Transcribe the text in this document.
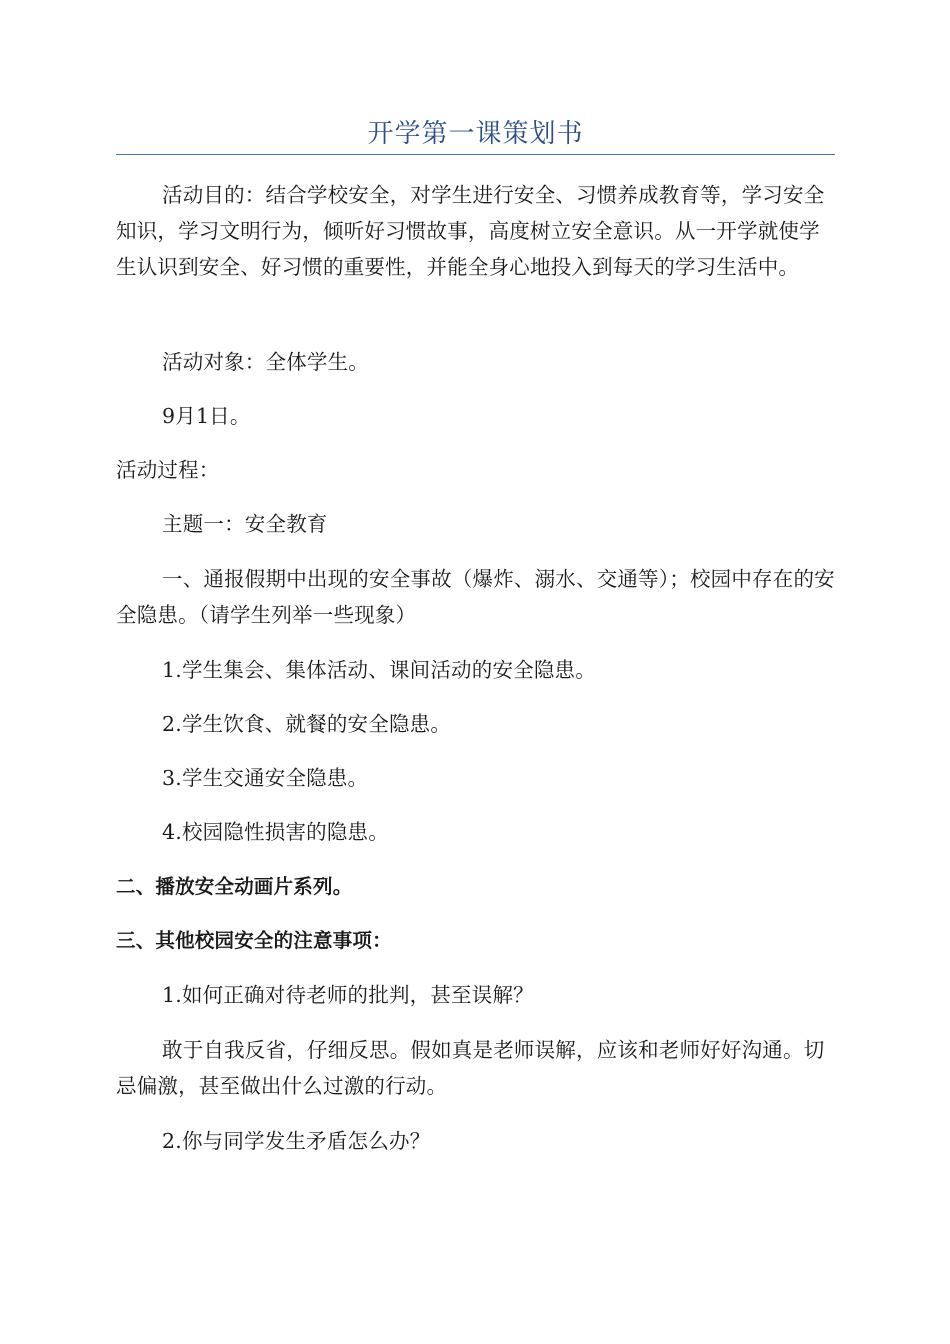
开学第一课策划书

活动目的：结合学校安全，对学生进行安全、习惯养成教育等，学习安全知识，学习文明行为，倾听好习惯故事，高度树立安全意识。从一开学就使学生认识到安全、好习惯的重要性，并能全身心地投入到每天的学习生活中。

活动对象：全体学生。

9月1日。

活动过程：

主题一：安全教育

一、通报假期中出现的安全事故（爆炸、溺水、交通等）；校园中存在的安全隐患。（请学生列举一些现象）

1.学生集会、集体活动、课间活动的安全隐患。

2.学生饮食、就餐的安全隐患。

3.学生交通安全隐患。

4.校园隐性损害的隐患。

二、播放安全动画片系列。

三、其他校园安全的注意事项：

1.如何正确对待老师的批判，甚至误解？

敢于自我反省，仔细反思。假如真是老师误解，应该和老师好好沟通。切忌偏激，甚至做出什么过激的行动。

2.你与同学发生矛盾怎么办？
